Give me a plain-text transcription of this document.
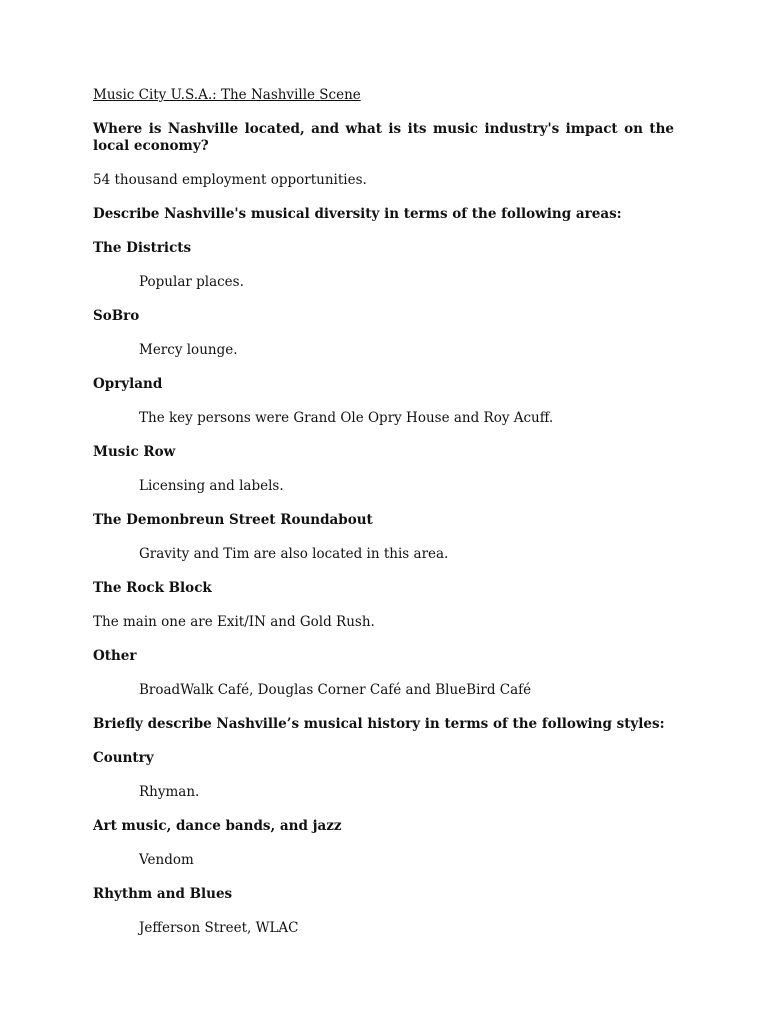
Music City U.S.A.: The Nashville Scene

Where is Nashville located, and what is its music industry's impact on the local economy?

54 thousand employment opportunities.

Describe Nashville's musical diversity in terms of the following areas:

The Districts

Popular places.

SoBro

Mercy lounge.

Opryland

The key persons were Grand Ole Opry House and Roy Acuff.

Music Row

Licensing and labels.

The Demonbreun Street Roundabout

Gravity and Tim are also located in this area.

The Rock Block

The main one are Exit/IN and Gold Rush.

Other

BroadWalk Café, Douglas Corner Café and BlueBird Café

Briefly describe Nashville’s musical history in terms of the following styles:

Country

Rhyman.

Art music, dance bands, and jazz

Vendom

Rhythm and Blues

Jefferson Street, WLAC
